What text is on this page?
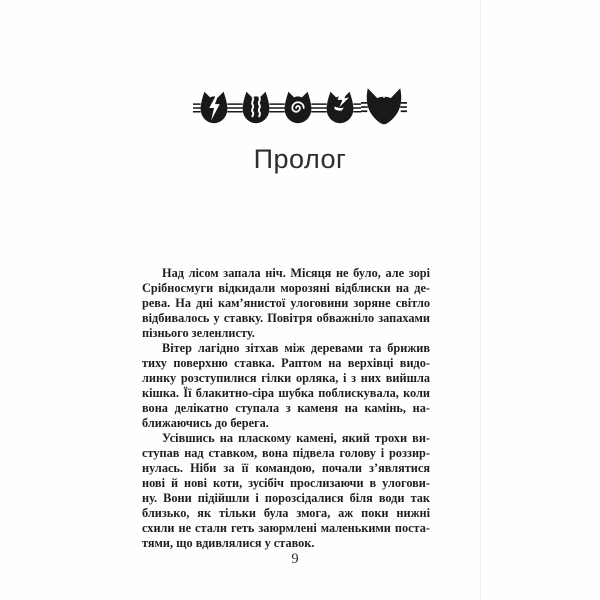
Пролог
Над лісом запала ніч. Місяця не було, але зорі
Срібносмуги відкидали морозяні відблиски на де-
рева. На дні кам’янистої улоговини зоряне світло
відбивалось у ставку. Повітря обважніло запахами
пізнього зеленлисту.
Вітер лагідно зітхав між деревами та брижив
тиху поверхню ставка. Раптом на верхівці видо-
линку розступилися гілки орляка, і з них вийшла
кішка. Її блакитно-сіра шубка поблискувала, коли
вона делікатно ступала з каменя на камінь, на-
ближаючись до берега.
Усівшись на пласкому камені, який трохи ви-
ступав над ставком, вона підвела голову і роззир-
нулась. Ніби за її командою, почали з’являтися
нові й нові коти, зусібіч прослизаючи в улогови-
ну. Вони підійшли і порозсідалися біля води так
близько, як тільки була змога, аж поки нижні
схили не стали геть заюрмлені маленькими поста-
тями, що вдивлялися у ставок.
9
